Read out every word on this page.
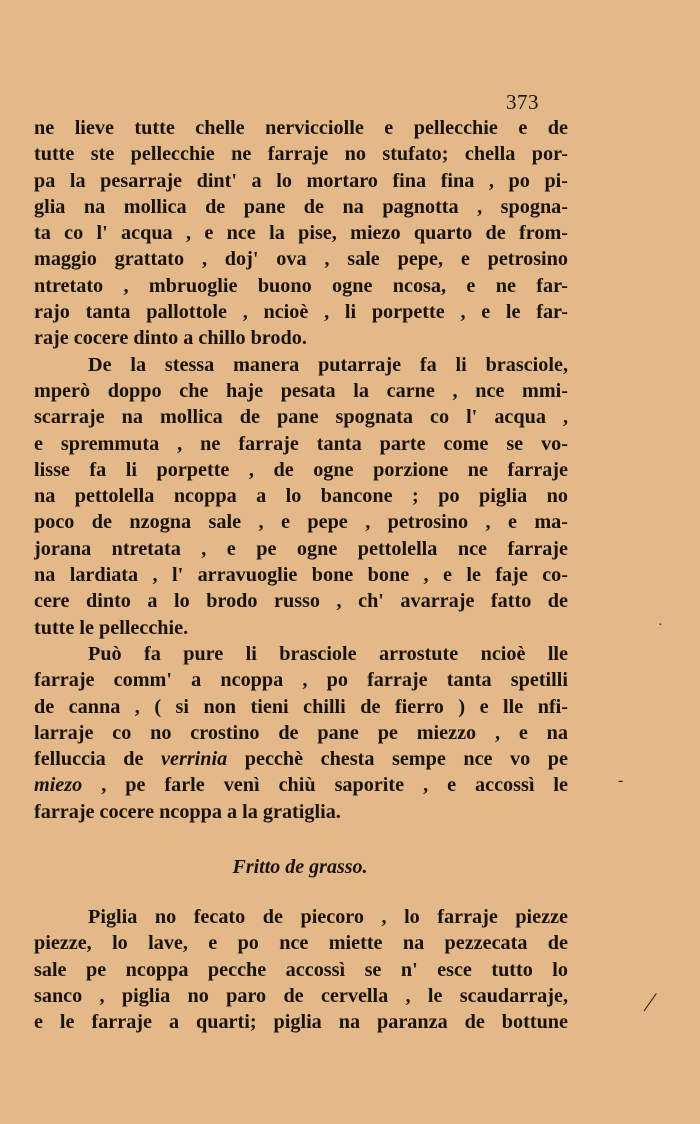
373
ne lieve tutte chelle nervicciolle e pellecchie e de
tutte ste pellecchie ne farraje no stufato; chella por-
pa la pesarraje dint' a lo mortaro fina fina , po pi-
glia na mollica de pane de na pagnotta , spogna-
ta co l' acqua , e nce la pise, miezo quarto de from-
maggio grattato , doj' ova , sale pepe, e petrosino
ntretato , mbruoglie buono ogne ncosa, e ne far-
rajo tanta pallottole , ncioè , li porpette , e le far-
raje cocere dinto a chillo brodo.
De la stessa manera putarraje fa li brasciole,
mperò doppo che haje pesata la carne , nce mmi-
scarraje na mollica de pane spognata co l' acqua ,
e spremmuta , ne farraje tanta parte come se vo-
lisse fa li porpette , de ogne porzione ne farraje
na pettolella ncoppa a lo bancone ; po piglia no
poco de nzogna sale , e pepe , petrosino , e ma-
jorana ntretata , e pe ogne pettolella nce farraje
na lardiata , l' arravuoglie bone bone , e le faje co-
cere dinto a lo brodo russo , ch' avarraje fatto de
tutte le pellecchie.
Può fa pure li brasciole arrostute ncioè lle
farraje comm' a ncoppa , po farraje tanta spetilli
de canna , ( si non tieni chilli de fierro ) e lle nfi-
larraje co no crostino de pane pe miezzo , e na
felluccia de verrinia pecchè chesta sempe nce vo pe
miezo , pe farle venì chiù saporite , e accossì le
farraje cocere ncoppa a la gratiglia.
Fritto de grasso.
Piglia no fecato de piecoro , lo farraje piezze
piezze, lo lave, e po nce miette na pezzecata de
sale pe ncoppa pecche accossì se n' esce tutto lo
sanco , piglia no paro de cervella , le scaudarraje,
e le farraje a quarti; piglia na paranza de bottune
·
-
⁄
